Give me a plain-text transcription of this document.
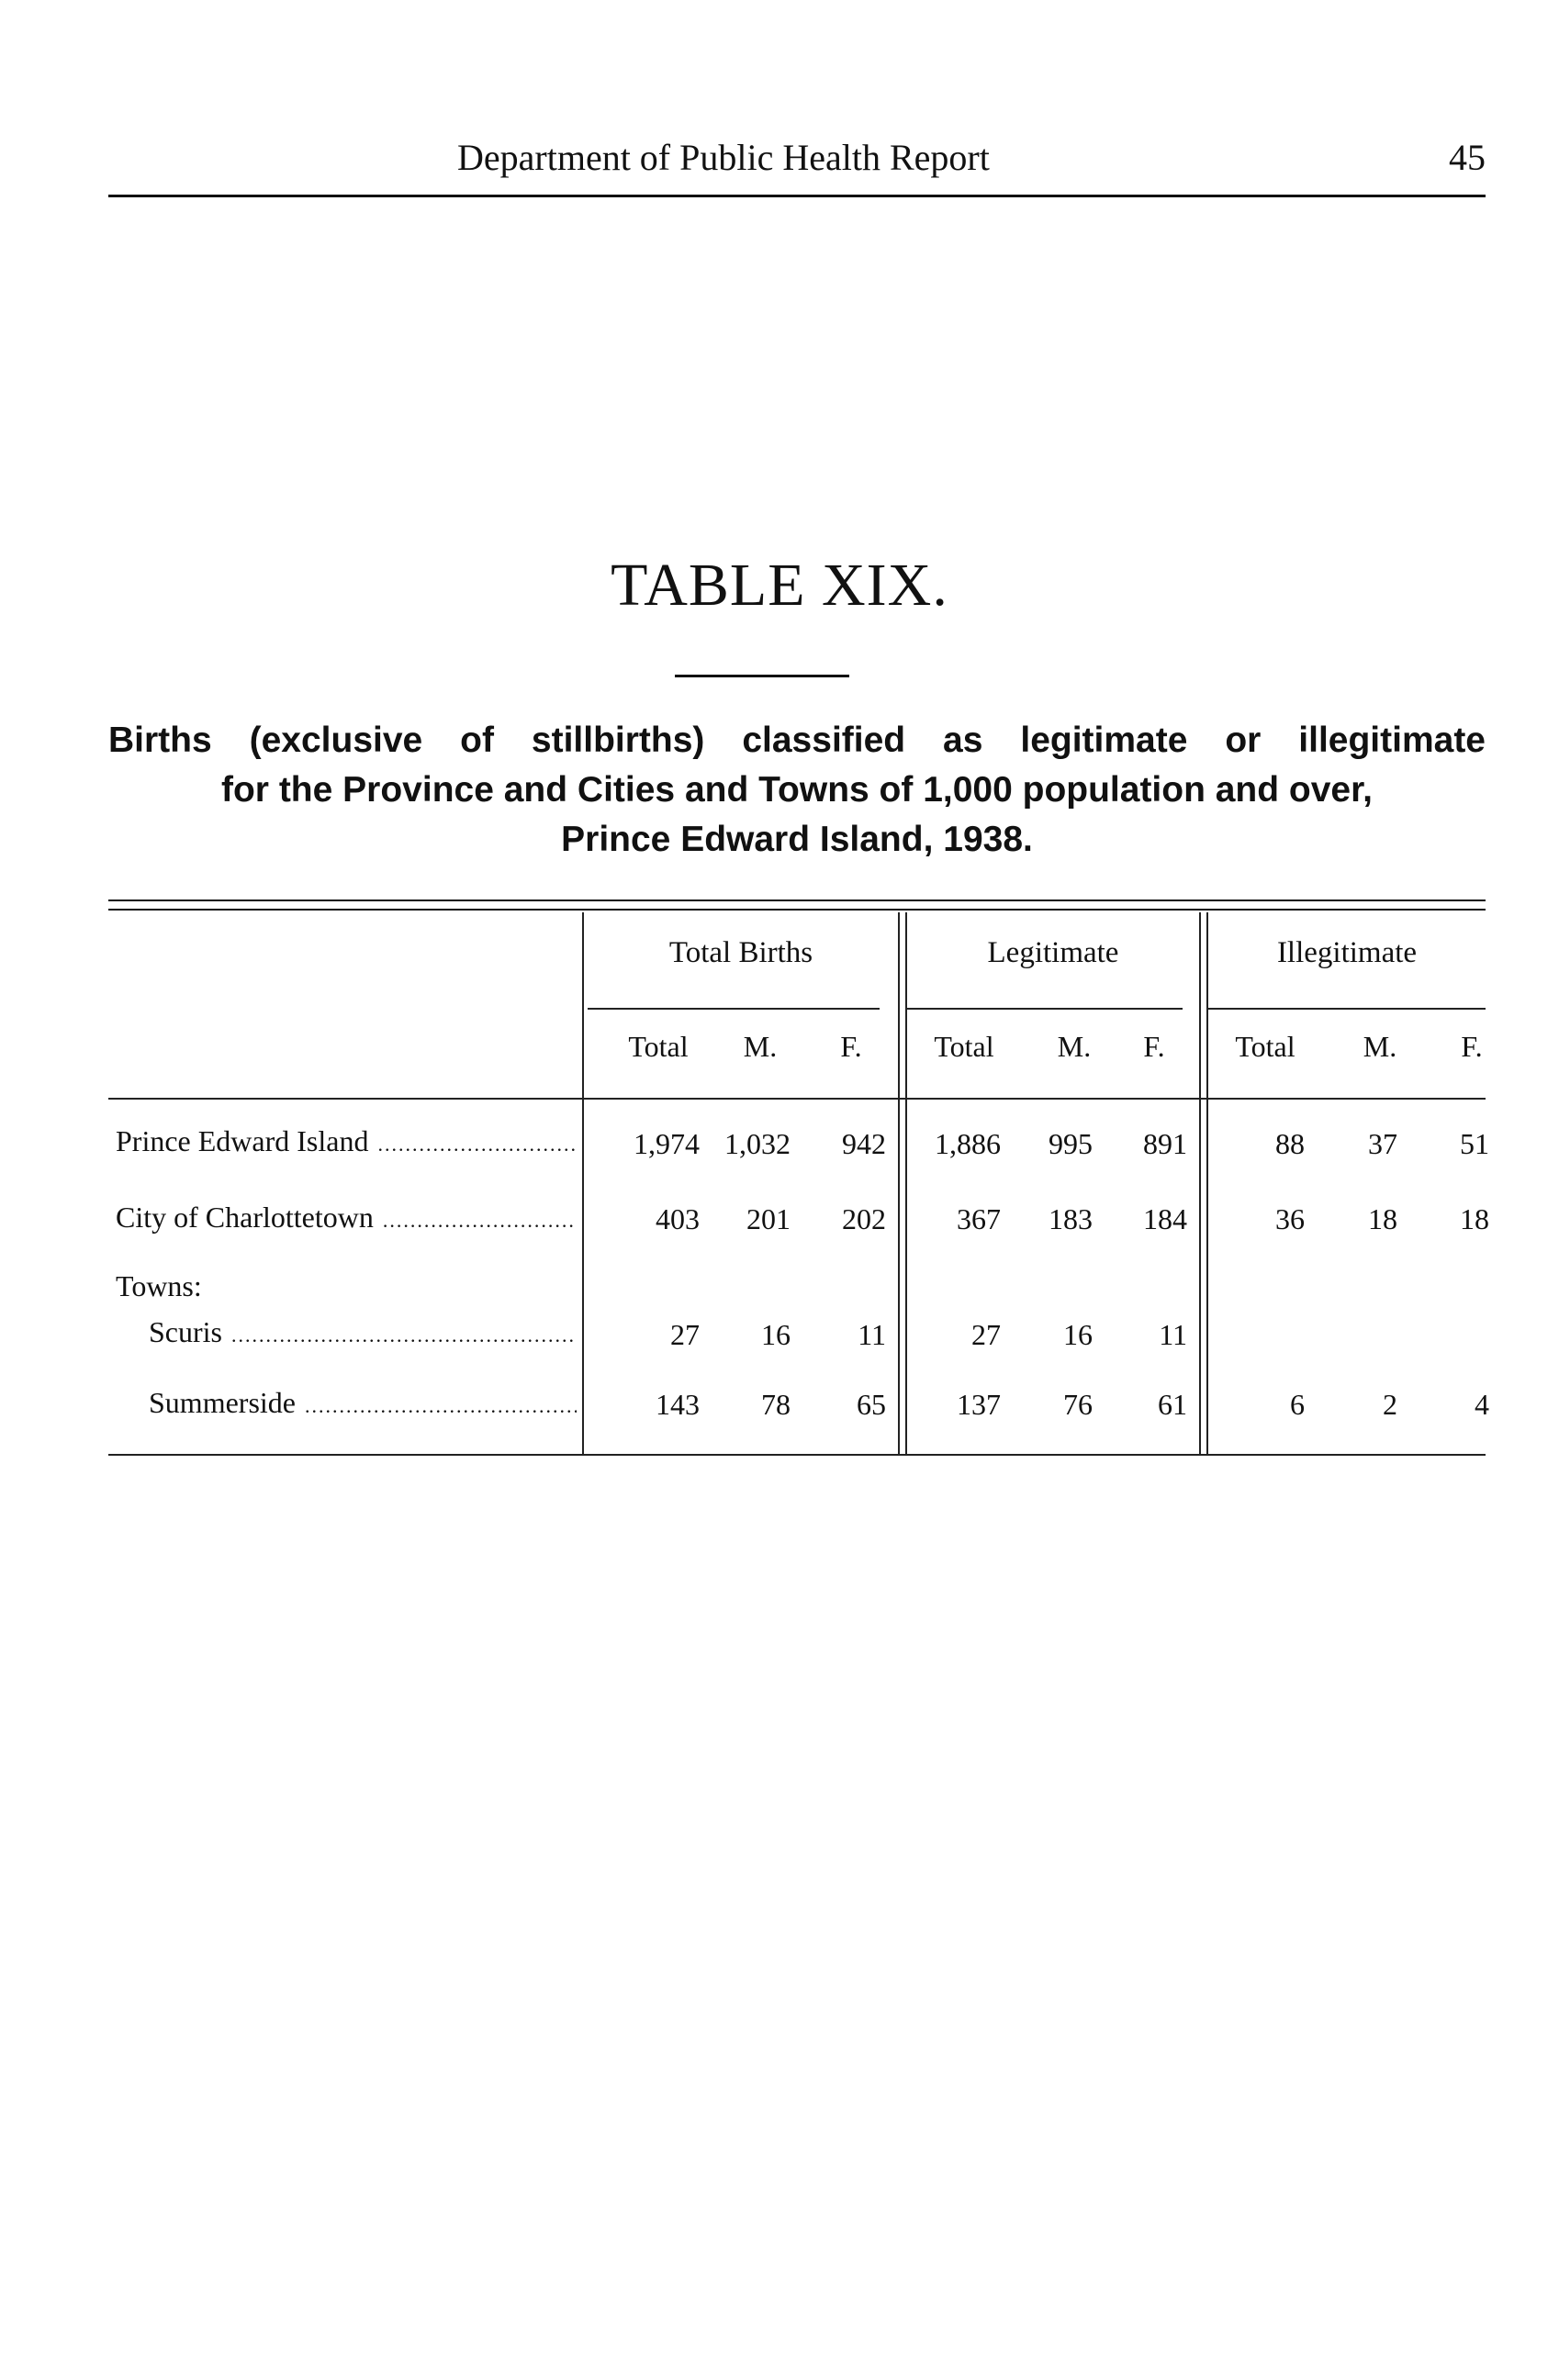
Department of Public Health Report	45
TABLE XIX.
Births (exclusive of stillbirths) classified as legitimate or illegitimate
for the Province and Cities and Towns of 1,000 population and over,
Prince Edward Island, 1938.
Total Births	Legitimate	Illegitimate
Total	M.	F.	Total	M.	F.	Total	M.	F.
Prince Edward Island .....	1,974 1,032	942	1,886	995	891	88	37	51
City of Charlottetown .....	403	201	202	367	183	184	36	18	18
Towns:
Scuris .....	27	16	11	27	16	11
Summerside .....	143	78	65	137	76	61	6	2	4
